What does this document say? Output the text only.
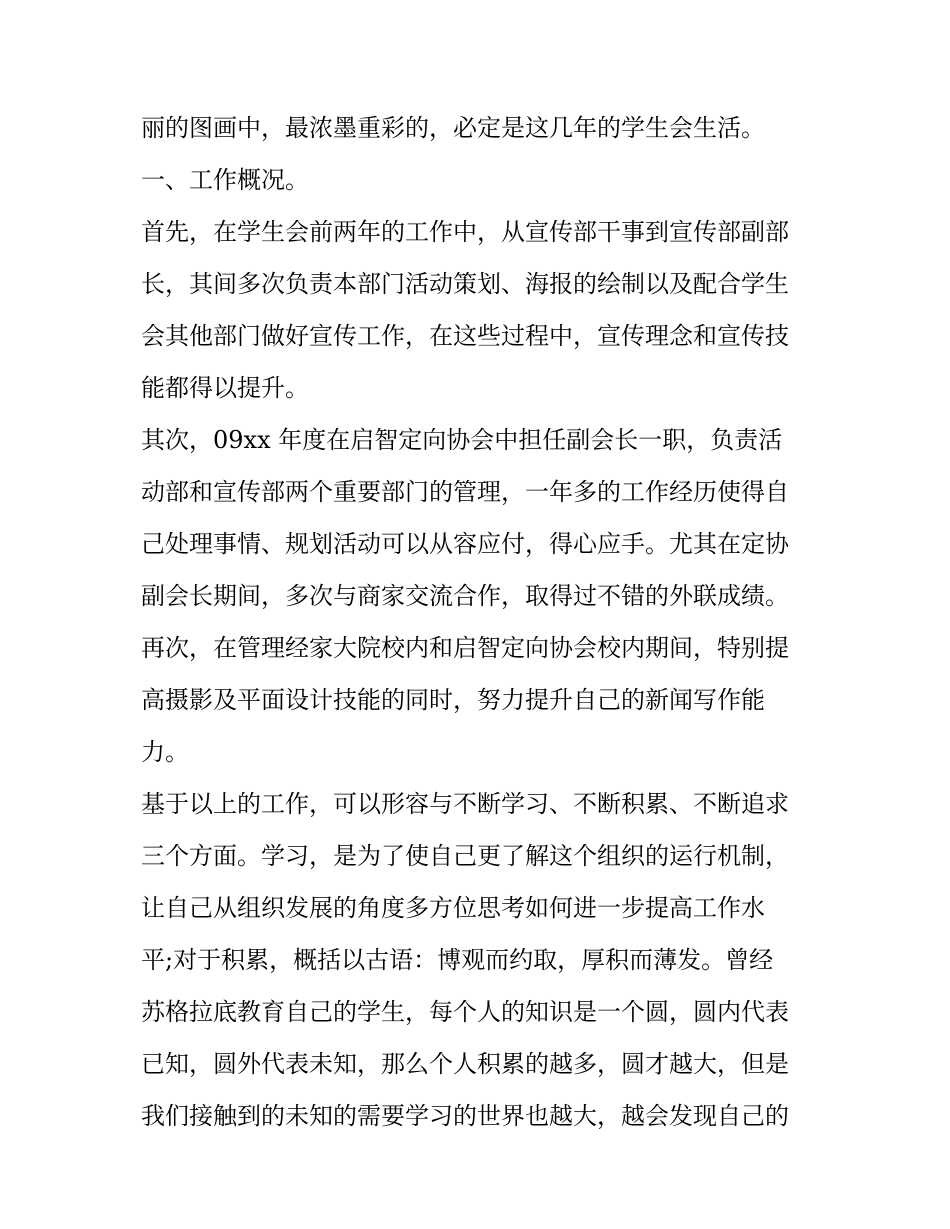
丽的图画中，最浓墨重彩的，必定是这几年的学生会生活。
一、工作概况。
首先，在学生会前两年的工作中，从宣传部干事到宣传部副部
长，其间多次负责本部门活动策划、海报的绘制以及配合学生
会其他部门做好宣传工作，在这些过程中，宣传理念和宣传技
能都得以提升。
其次，09xx 年度在启智定向协会中担任副会长一职，负责活
动部和宣传部两个重要部门的管理，一年多的工作经历使得自
己处理事情、规划活动可以从容应付，得心应手。尤其在定协
副会长期间，多次与商家交流合作，取得过不错的外联成绩。
再次，在管理经家大院校内和启智定向协会校内期间，特别提
高摄影及平面设计技能的同时，努力提升自己的新闻写作能
力。
基于以上的工作，可以形容与不断学习、不断积累、不断追求
三个方面。学习，是为了使自己更了解这个组织的运行机制，
让自己从组织发展的角度多方位思考如何进一步提高工作水
平;对于积累，概括以古语：博观而约取，厚积而薄发。曾经
苏格拉底教育自己的学生，每个人的知识是一个圆，圆内代表
已知，圆外代表未知，那么个人积累的越多，圆才越大，但是
我们接触到的未知的需要学习的世界也越大，越会发现自己的
